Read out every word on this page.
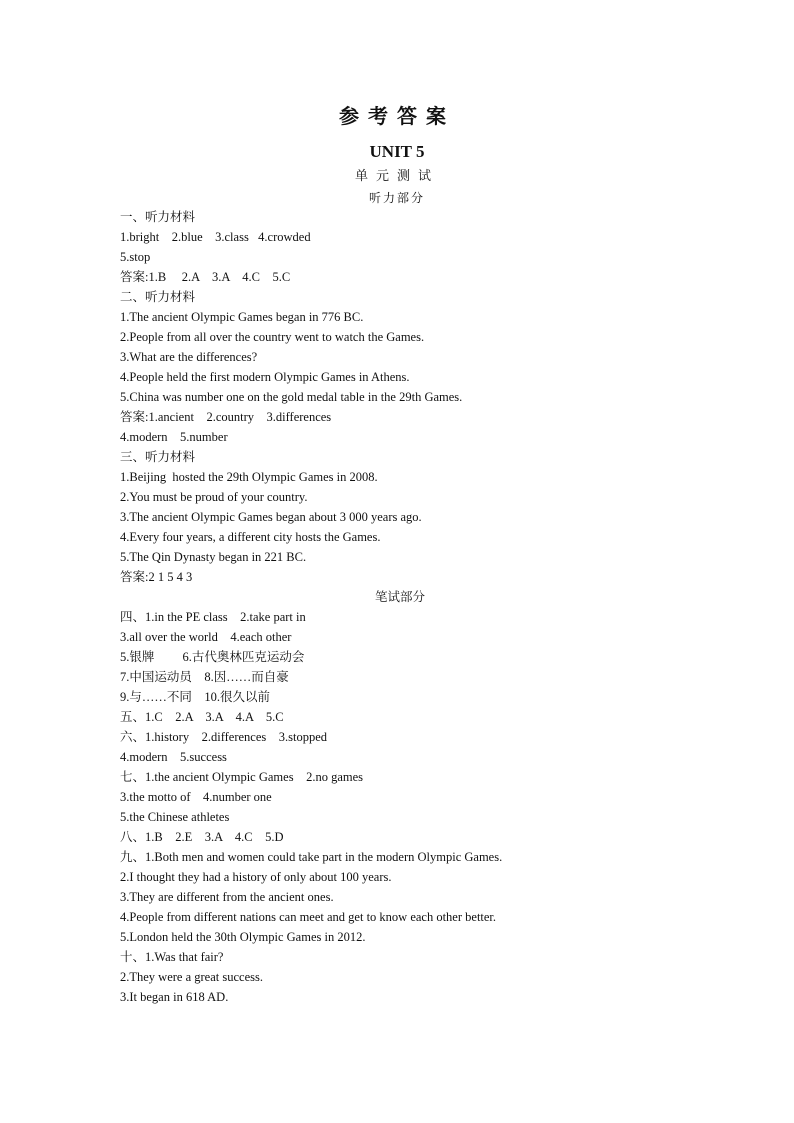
参考答案
UNIT 5
单元测试
听力部分
一、听力材料
1.bright    2.blue    3.class   4.crowded
5.stop
答案:1.B     2.A    3.A    4.C    5.C
二、听力材料
1.The ancient Olympic Games began in 776 BC.
2.People from all over the country went to watch the Games.
3.What are the differences?
4.People held the first modern Olympic Games in Athens.
5.China was number one on the gold medal table in the 29th Games.
答案:1.ancient    2.country    3.differences
4.modern    5.number
三、听力材料
1.Beijing  hosted the 29th Olympic Games in 2008.
2.You must be proud of your country.
3.The ancient Olympic Games began about 3 000 years ago.
4.Every four years, a different city hosts the Games.
5.The Qin Dynasty began in 221 BC.
答案:2 1 5 4 3
笔试部分
四、1.in the PE class    2.take part in
3.all over the world    4.each other
5.银牌         6.古代奥林匹克运动会
7.中国运动员    8.因……而自豪
9.与……不同    10.很久以前
五、1.C    2.A    3.A    4.A    5.C
六、1.history    2.differences    3.stopped
4.modern    5.success
七、1.the ancient Olympic Games    2.no games
3.the motto of    4.number one
5.the Chinese athletes
八、1.B    2.E    3.A    4.C    5.D
九、1.Both men and women could take part in the modern Olympic Games.
2.I thought they had a history of only about 100 years.
3.They are different from the ancient ones.
4.People from different nations can meet and get to know each other better.
5.London held the 30th Olympic Games in 2012.
十、1.Was that fair?
2.They were a great success.
3.It began in 618 AD.
